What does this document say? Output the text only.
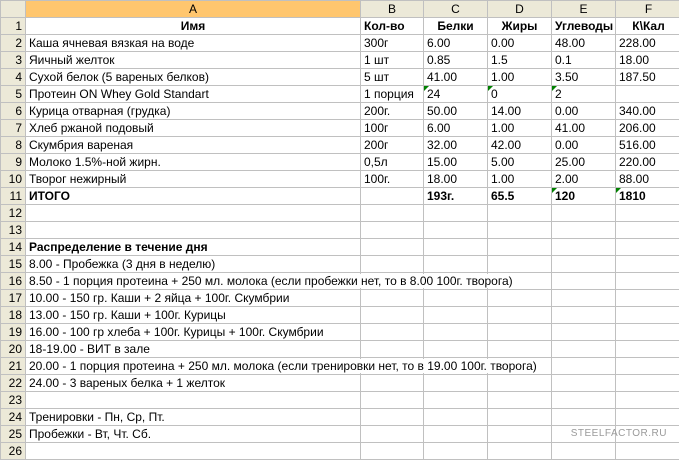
	A	B	C	D	E	F
1	Имя	Кол-во	Белки	Жиры	Углеводы	К\Кал
2	Каша ячневая вязкая на воде	300г	6.00	0.00	48.00	228.00
3	Яичный желток	1 шт	0.85	1.5	0.1	18.00
4	Сухой белок (5 вареных белков)	5 шт	41.00	1.00	3.50	187.50
5	Протеин ON Whey Gold Standart	1 порция	24	0	2	
6	Курица отварная (грудка)	200г.	50.00	14.00	0.00	340.00
7	Хлеб ржаной подовый	100г	6.00	1.00	41.00	206.00
8	Скумбрия вареная	200г	32.00	42.00	0.00	516.00
9	Молоко 1.5%-ной жирн.	0,5л	15.00	5.00	25.00	220.00
10	Творог нежирный	100г.	18.00	1.00	2.00	88.00
11	ИТОГО		193г.	65.5	120	1810
12						
13						
14	Распределение в течение дня					
15	8.00 - Пробежка (3 дня в неделю)					
16	8.50 - 1 порция протеина + 250 мл. молока (если пробежки нет, то в 8.00 100г. творога)					
17	10.00 - 150 гр. Каши + 2 яйца + 100г. Скумбрии					
18	13.00 - 150 гр. Каши + 100г. Курицы					
19	16.00 - 100 гр хлеба + 100г. Курицы + 100г. Скумбрии					
20	18-19.00 - ВИТ в зале					
21	20.00 - 1 порция протеина + 250 мл. молока (если тренировки нет, то в 19.00 100г. творога)					
22	24.00 - 3 вареных белка + 1 желток					
23						
24	Тренировки - Пн, Ср, Пт.					
25	Пробежки - Вт, Чт. Сб.					
26						
STEELFACTOR.RU
